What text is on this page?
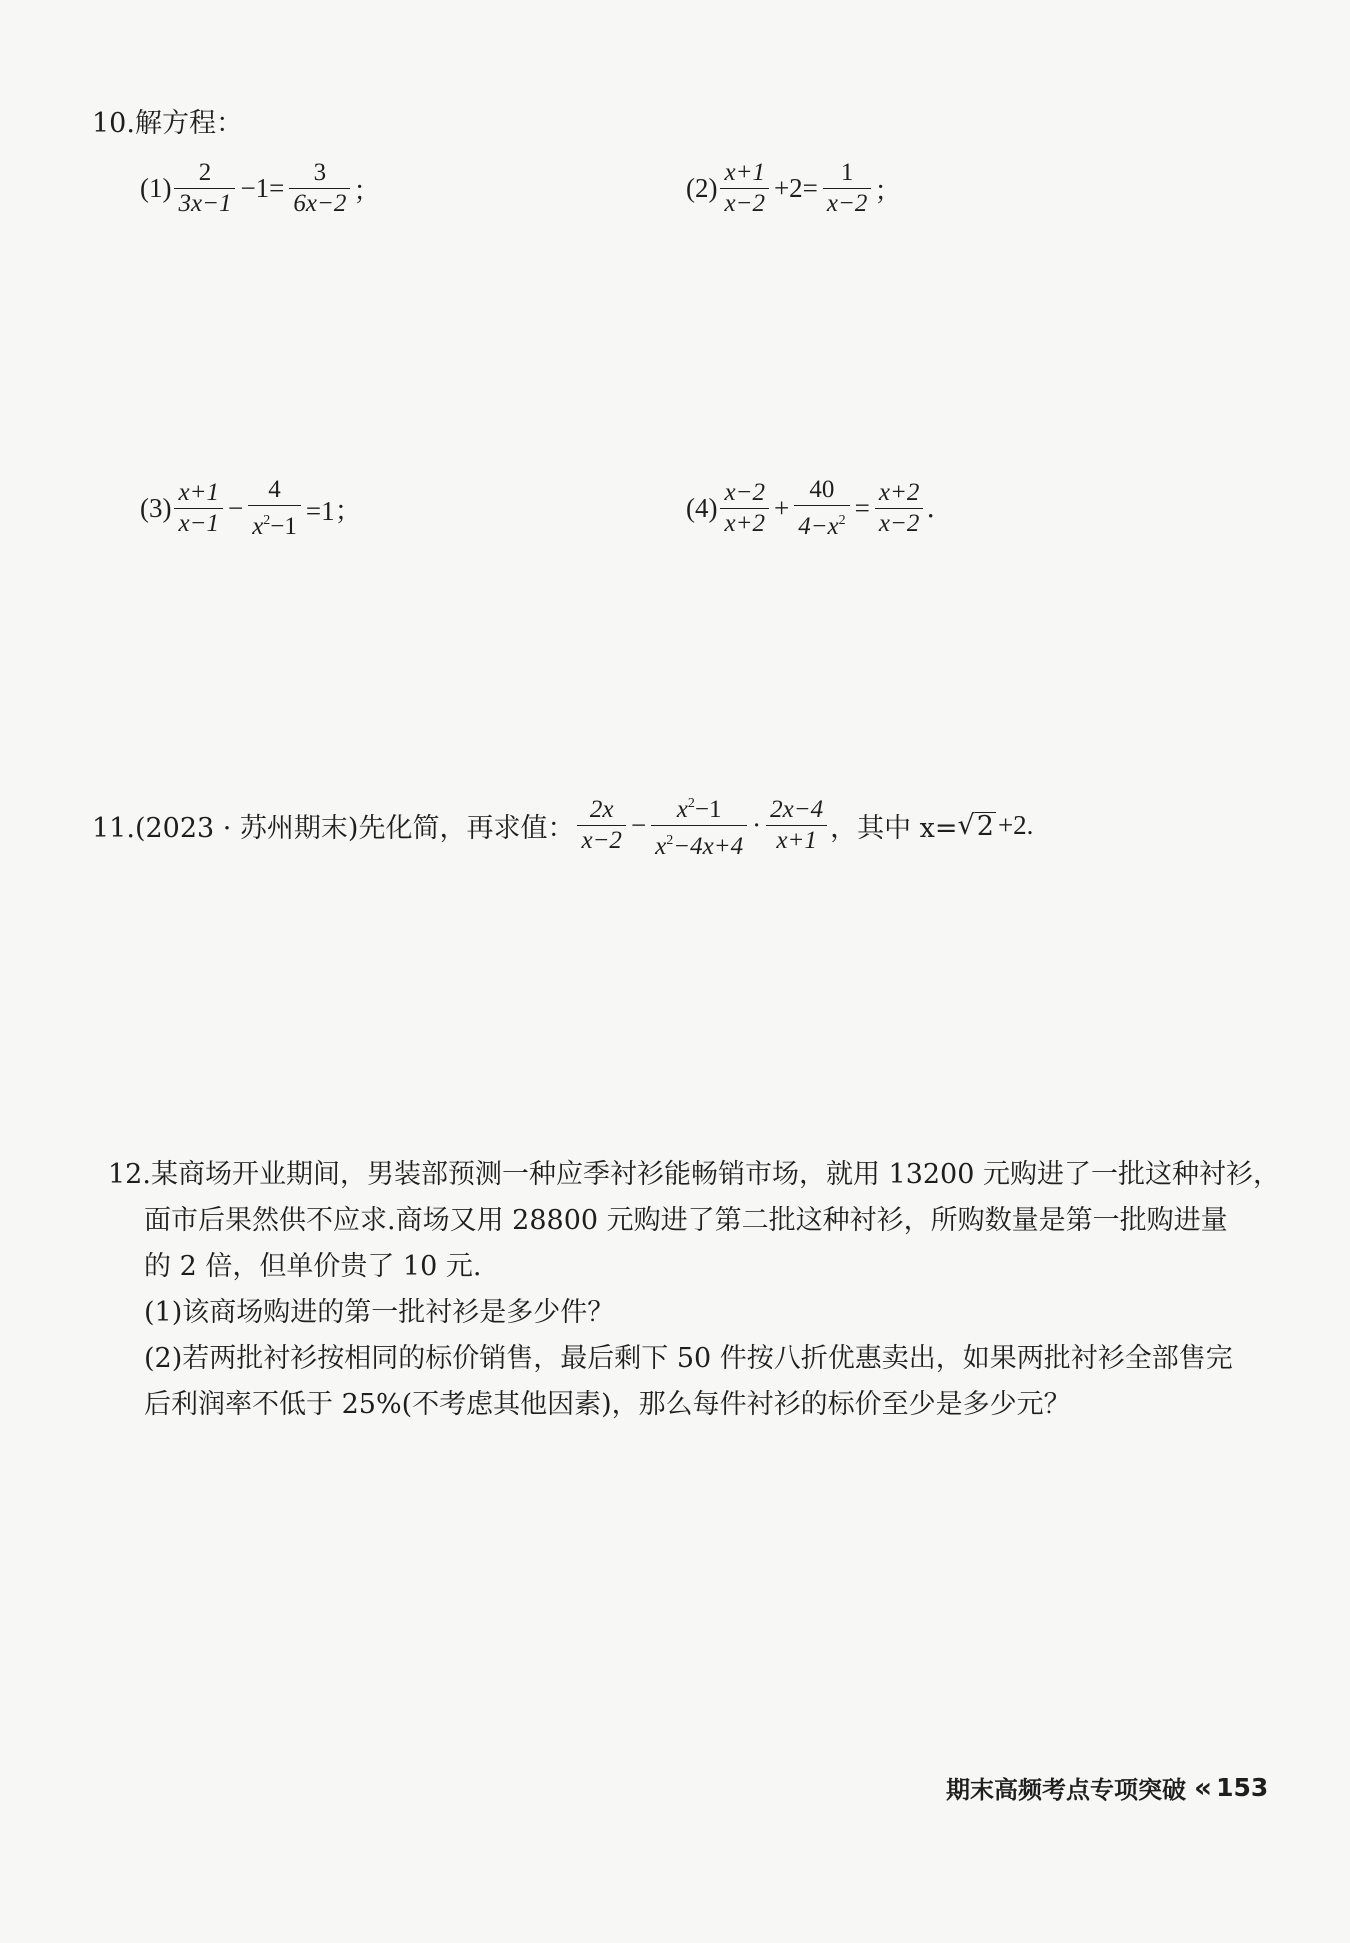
10.解方程：
$(1) \frac{2}{3x-1} -1= \frac{3}{6x-2}$ ；	$(2) \frac{x+1}{x-2} +2= \frac{1}{x-2}$ ；
$(3) \frac{x+1}{x-1} - \frac{4}{x^2-1} =1$；	$(4) \frac{x-2}{x+2} + \frac{40}{4-x^2} = \frac{x+2}{x-2}$ .
11.(2023 · 苏州期末)先化简，再求值： $\frac{2x}{x-2} - \frac{x^2-1}{x^2-4x+4} \cdot \frac{2x-4}{x+1}$ ，其中 x= √ 2 +2.
12.某商场开业期间，男装部预测一种应季衬衫能畅销市场，就用 13200 元购进了一批这种衬衫，
面市后果然供不应求.商场又用 28800 元购进了第二批这种衬衫，所购数量是第一批购进量
的 2 倍，但单价贵了 10 元.
(1)该商场购进的第一批衬衫是多少件？
(2)若两批衬衫按相同的标价销售，最后剩下 50 件按八折优惠卖出，如果两批衬衫全部售完
后利润率不低于 25%(不考虑其他因素)，那么每件衬衫的标价至少是多少元？
期末高频考点专项突破 « 153
